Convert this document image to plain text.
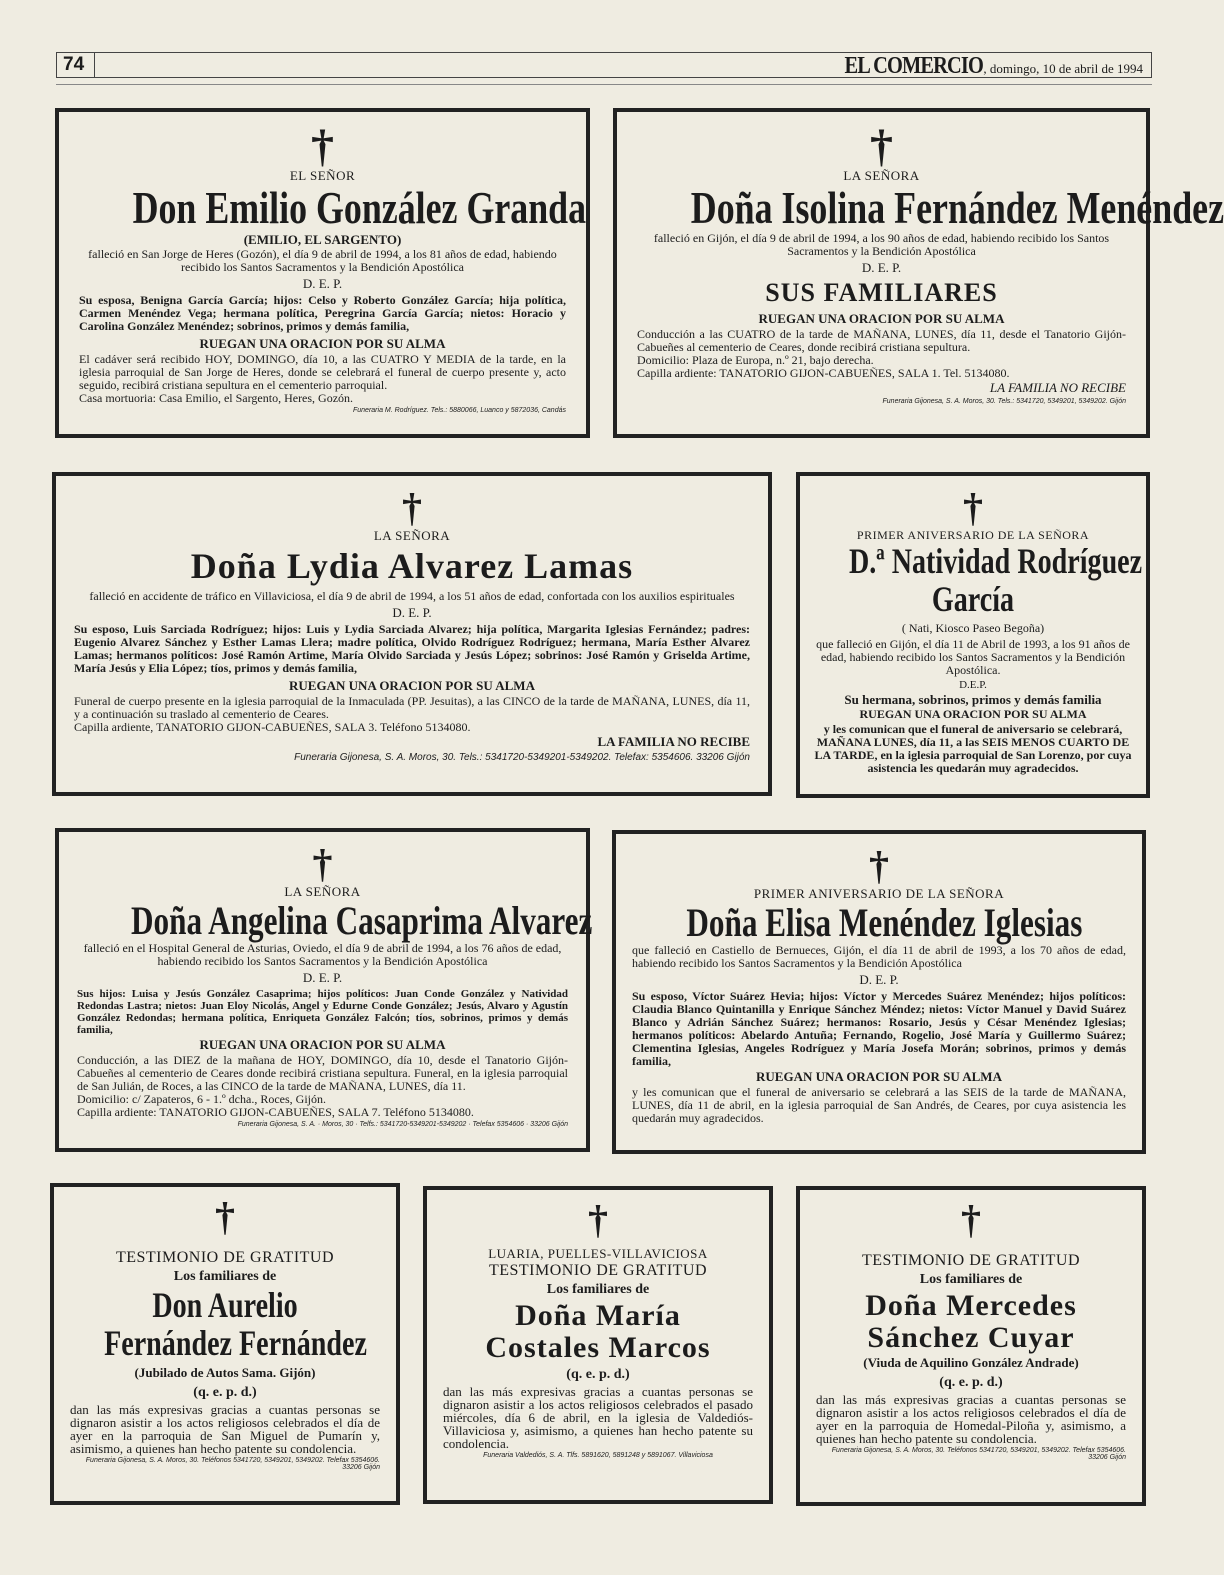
74	EL COMERCIO, domingo, 10 de abril de 1994
†
EL SEÑOR
Don Emilio González Granda
(EMILIO, EL SARGENTO)
falleció en San Jorge de Heres (Gozón), el día 9 de abril de 1994, a los 81 años de edad, habiendo recibido los Santos Sacramentos y la Bendición Apostólica
D. E. P.
Su esposa, Benigna García García; hijos: Celso y Roberto González García; hija política, Carmen Menéndez Vega; hermana política, Peregrina García García; nietos: Horacio y Carolina González Menéndez; sobrinos, primos y demás familia,
RUEGAN UNA ORACION POR SU ALMA
El cadáver será recibido HOY, DOMINGO, día 10, a las CUATRO Y MEDIA de la tarde, en la iglesia parroquial de San Jorge de Heres, donde se celebrará el funeral de cuerpo presente y, acto seguido, recibirá cristiana sepultura en el cementerio parroquial.
Casa mortuoria: Casa Emilio, el Sargento, Heres, Gozón.
Funeraria M. Rodríguez. Tels.: 5880066, Luanco y 5872036, Candás
†
LA SEÑORA
Doña Isolina Fernández Menéndez
falleció en Gijón, el día 9 de abril de 1994, a los 90 años de edad, habiendo recibido los Santos Sacramentos y la Bendición Apostólica
D. E. P.
SUS FAMILIARES
RUEGAN UNA ORACION POR SU ALMA
Conducción a las CUATRO de la tarde de MAÑANA, LUNES, día 11, desde el Tanatorio Gijón-Cabueñes al cementerio de Ceares, donde recibirá cristiana sepultura.
Domicilio: Plaza de Europa, n.º 21, bajo derecha.
Capilla ardiente: TANATORIO GIJON-CABUEÑES, SALA 1. Tel. 5134080.
LA FAMILIA NO RECIBE
Funeraria Gijonesa, S. A. Moros, 30. Tels.: 5341720, 5349201, 5349202. Gijón
†
LA SEÑORA
Doña Lydia Alvarez Lamas
falleció en accidente de tráfico en Villaviciosa, el día 9 de abril de 1994, a los 51 años de edad, confortada con los auxilios espirituales
D. E. P.
Su esposo, Luis Sarciada Rodríguez; hijos: Luis y Lydia Sarciada Alvarez; hija política, Margarita Iglesias Fernández; padres: Eugenio Alvarez Sánchez y Esther Lamas Llera; madre política, Olvido Rodríguez Rodríguez; hermana, María Esther Alvarez Lamas; hermanos políticos: José Ramón Artime, María Olvido Sarciada y Jesús López; sobrinos: José Ramón y Griselda Artime, María Jesús y Elia López; tíos, primos y demás familia,
RUEGAN UNA ORACION POR SU ALMA
Funeral de cuerpo presente en la iglesia parroquial de la Inmaculada (PP. Jesuitas), a las CINCO de la tarde de MAÑANA, LUNES, día 11, y a continuación su traslado al cementerio de Ceares.
Capilla ardiente, TANATORIO GIJON-CABUEÑES, SALA 3. Teléfono 5134080.
LA FAMILIA NO RECIBE
Funeraria Gijonesa, S. A. Moros, 30. Tels.: 5341720-5349201-5349202. Telefax: 5354606. 33206 Gijón
†
PRIMER ANIVERSARIO DE LA SEÑORA
D.ª Natividad Rodríguez
García
( Nati, Kiosco Paseo Begoña)
que falleció en Gijón, el día 11 de Abril de 1993, a los 91 años de edad, habiendo recibido los Santos Sacramentos y la Bendición Apostólica.
D.E.P.
Su hermana, sobrinos, primos y demás familia
RUEGAN UNA ORACION POR SU ALMA
y les comunican que el funeral de aniversario se celebrará, MAÑANA LUNES, día 11, a las SEIS MENOS CUARTO DE LA TARDE, en la iglesia parroquial de San Lorenzo, por cuya asistencia les quedarán muy agradecidos.
†
LA SEÑORA
Doña Angelina Casaprima Alvarez
falleció en el Hospital General de Asturias, Oviedo, el día 9 de abril de 1994, a los 76 años de edad, habiendo recibido los Santos Sacramentos y la Bendición Apostólica
D. E. P.
Sus hijos: Luisa y Jesús González Casaprima; hijos políticos: Juan Conde González y Natividad Redondas Lastra; nietos: Juan Eloy Nicolás, Angel y Edurne Conde González; Jesús, Alvaro y Agustín González Redondas; hermana política, Enriqueta González Falcón; tíos, sobrinos, primos y demás familia,
RUEGAN UNA ORACION POR SU ALMA
Conducción, a las DIEZ de la mañana de HOY, DOMINGO, día 10, desde el Tanatorio Gijón-Cabueñes al cementerio de Ceares donde recibirá cristiana sepultura. Funeral, en la iglesia parroquial de San Julián, de Roces, a las CINCO de la tarde de MAÑANA, LUNES, día 11.
Domicilio: c/ Zapateros, 6 - 1.º dcha., Roces, Gijón.
Capilla ardiente: TANATORIO GIJON-CABUEÑES, SALA 7. Teléfono 5134080.
Funeraria Gijonesa, S. A. · Moros, 30 · Telfs.: 5341720-5349201-5349202 · Telefax 5354606 · 33206 Gijón
†
PRIMER ANIVERSARIO DE LA SEÑORA
Doña Elisa Menéndez Iglesias
que falleció en Castiello de Bernueces, Gijón, el día 11 de abril de 1993, a los 70 años de edad, habiendo recibido los Santos Sacramentos y la Bendición Apostólica
D. E. P.
Su esposo, Víctor Suárez Hevia; hijos: Víctor y Mercedes Suárez Menéndez; hijos políticos: Claudia Blanco Quintanilla y Enrique Sánchez Méndez; nietos: Víctor Manuel y David Suárez Blanco y Adrián Sánchez Suárez; hermanos: Rosario, Jesús y César Menéndez Iglesias; hermanos políticos: Abelardo Antuña; Fernando, Rogelio, José María y Guillermo Suárez; Clementina Iglesias, Angeles Rodríguez y María Josefa Morán; sobrinos, primos y demás familia,
RUEGAN UNA ORACION POR SU ALMA
y les comunican que el funeral de aniversario se celebrará a las SEIS de la tarde de MAÑANA, LUNES, día 11 de abril, en la iglesia parroquial de San Andrés, de Ceares, por cuya asistencia les quedarán muy agradecidos.
†
TESTIMONIO DE GRATITUD
Los familiares de
Don Aurelio
Fernández Fernández
(Jubilado de Autos Sama. Gijón)
(q. e. p. d.)
dan las más expresivas gracias a cuantas personas se dignaron asistir a los actos religiosos celebrados el día de ayer en la parroquia de San Miguel de Pumarín y, asimismo, a quienes han hecho patente su condolencia.
Funeraria Gijonesa, S. A. Moros, 30. Teléfonos 5341720, 5349201, 5349202. Telefax 5354606. 33206 Gijón
†
LUARIA, PUELLES-VILLAVICIOSA
TESTIMONIO DE GRATITUD
Los familiares de
Doña María
Costales Marcos
(q. e. p. d.)
dan las más expresivas gracias a cuantas personas se dignaron asistir a los actos religiosos celebrados el pasado miércoles, día 6 de abril, en la iglesia de Valdediós-Villaviciosa y, asimismo, a quienes han hecho patente su condolencia.
Funeraria Valdediós, S. A. Tlfs. 5891620, 5891248 y 5891067. Villaviciosa
†
TESTIMONIO DE GRATITUD
Los familiares de
Doña Mercedes
Sánchez Cuyar
(Viuda de Aquilino González Andrade)
(q. e. p. d.)
dan las más expresivas gracias a cuantas personas se dignaron asistir a los actos religiosos celebrados el día de ayer en la parroquia de Homedal-Piloña y, asimismo, a quienes han hecho patente su condolencia.
Funeraria Gijonesa, S. A. Moros, 30. Teléfonos 5341720, 5349201, 5349202. Telefax 5354606. 33206 Gijón
